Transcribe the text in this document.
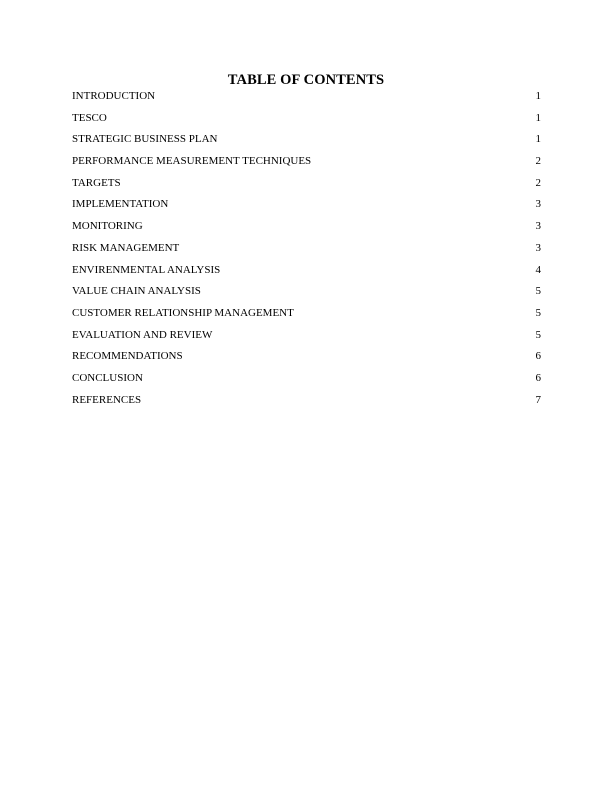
TABLE OF CONTENTS
INTRODUCTION	1
TESCO	1
STRATEGIC BUSINESS PLAN	1
PERFORMANCE MEASUREMENT TECHNIQUES	2
TARGETS	2
IMPLEMENTATION	3
MONITORING	3
RISK MANAGEMENT	3
ENVIRENMENTAL ANALYSIS	4
VALUE CHAIN ANALYSIS	5
CUSTOMER RELATIONSHIP MANAGEMENT	5
EVALUATION AND REVIEW	5
RECOMMENDATIONS	6
CONCLUSION	6
REFERENCES	7
